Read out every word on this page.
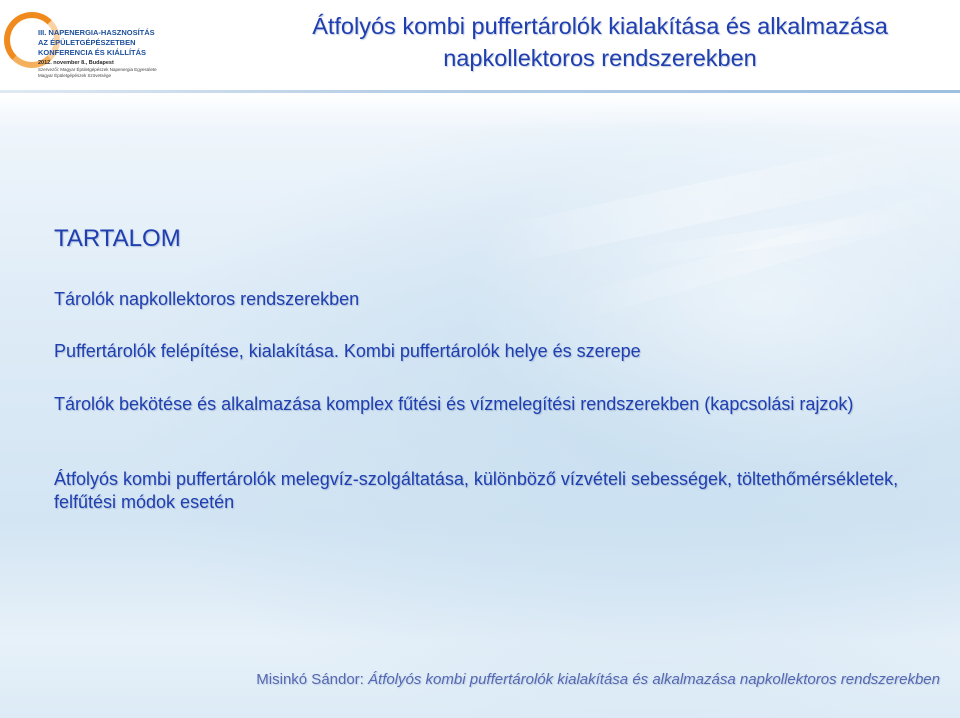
III. NAPENERGIA-HASZNOSÍTÁS
AZ ÉPÜLETGÉPÉSZETBEN
KONFERENCIA ÉS KIÁLLÍTÁS
2012. november 8., Budapest
Szervezői: Magyar Épületgépészek Napenergia Egyesülete
Magyar Épületgépészek Szövetsége
Átfolyós kombi puffertárolók kialakítása és alkalmazása
napkollektoros rendszerekben
TARTALOM
Tárolók napkollektoros rendszerekben
Puffertárolók felépítése, kialakítása. Kombi puffertárolók helye és szerepe
Tárolók bekötése és alkalmazása komplex fűtési és vízmelegítési rendszerekben (kapcsolási rajzok)
Átfolyós kombi puffertárolók melegvíz-szolgáltatása, különböző vízvételi sebességek, töltethőmérsékletek, felfűtési módok esetén
Misinkó Sándor: Átfolyós kombi puffertárolók kialakítása és alkalmazása napkollektoros rendszerekben
